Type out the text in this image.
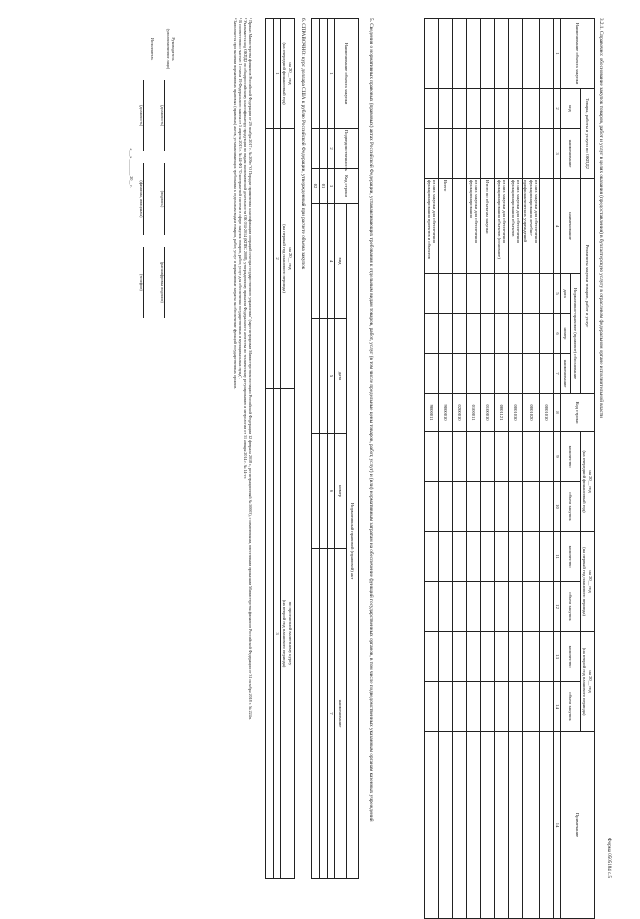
Форма 0505184 с.5
3.2.1. Справочно: обоснование закупок товаров, работ и услуг в целях оказания (предоставления) в бухгалтерскую услугу в отраслевом федеральном органе исполнительной власти
Наименование объекта закупки	Товары, работы и услуги по ОКПД2		Реквизиты закупки товаров, работ и услуг				Код строки	на 20__ год
(на очередной финансовый год)		на 20__ год
(на первый год планового периода)		на 20__ год
(на второй год планового периода)		Примечание
	код	наименование	наименование	Нормативно-правовое (правовое) обоснование				количество	объем закупок	количество	объем закупок	количество	объем закупок	
				дата	номер	наименование								
1	2	3	4	5	6	7	8	9	10	11	12	13	14	14
							0001010							
			из них закупки для обеспечения функционирования лечебно-профилактических учреждений				0001020							
			из них закупки для обеспечения функционирования объектов				0001030							
			из них закупки для обеспечения функционирования объектов (основное)				0001121							
			Итого по объектам закупки				0100010							
			из них закупки для обеспечения функционирования				0100011							
							0200010							
			Всего				9000010							
			из них закупки для обеспечения функционирования проектов и объектов				9000011							
5. Сведения о нормативных правовых (правовых) актах Российской Федерации, устанавливающих требования к отдельным видам товаров, работ, услуг (в том числе предельные цены товаров, работ, услуг) и (или) нормативным затратам на обеспечение функций государственных органов, в том числе подведомственных указанным органам казенных учреждений
Наименование объекта закупки	Подведомственность	Код строки	Нормативный правовой (правовой) акт			
			вид	дата	номер	наименование
1	2	3	4	5	6	7
		01				
		02				
6. СПРАВОЧНО: курс доллара США к рублю Российской Федерации, утвержденный при расчете объема закупок
на 20__ год
(на очередной финансовый год)	на 20__ год
(на первый год планового периода)	по прогнозной валютному курсу
(на второй год планового периода)
1	2	3

¹ Приказ Министерства финансов Российской Федерации от 29 ноября 2017 г. № 209н "О Порядке применения классификации операций сектора государственного управления" (зарегистрирован Министерством юстиции Российской Федерации 12 февраля 2018 г., регистрационный № 50003), с изменениями, внесенными приказами Министерства финансов Российской Федерации от 31 октября 2018 г. № 224н.
² Указывается код ОКПД2 по общероссийскому классификатору продукции по видам экономической деятельности ОК 034-2014 (КПЕС 2008), утвержденному приказом Федерального агентства по техническому регулированию и метрологии от 31 января 2014 г. № 14-ст.
³ В соответствии с частью 1 статьи 19 Федерального закона от 5 апреля 2013 г. № 44-ФЗ "О контрактной системе в сфере закупок товаров, работ, услуг для обеспечения государственных и муниципальных нужд".
⁴ Заполняется при наличии нормативных правовых (правовых) актов, устанавливающих требования к отдельным видам товаров, работ, услуг и нормативные затраты на обеспечение функций государственных органов.
Руководитель
(уполномоченное лицо)					
	(должность)		(подпись)		(расшифровка подписи)
Исполнитель					
	(должность)		(фамилия, инициалы)		(телефон)
«___» ________ 20__ г.					
